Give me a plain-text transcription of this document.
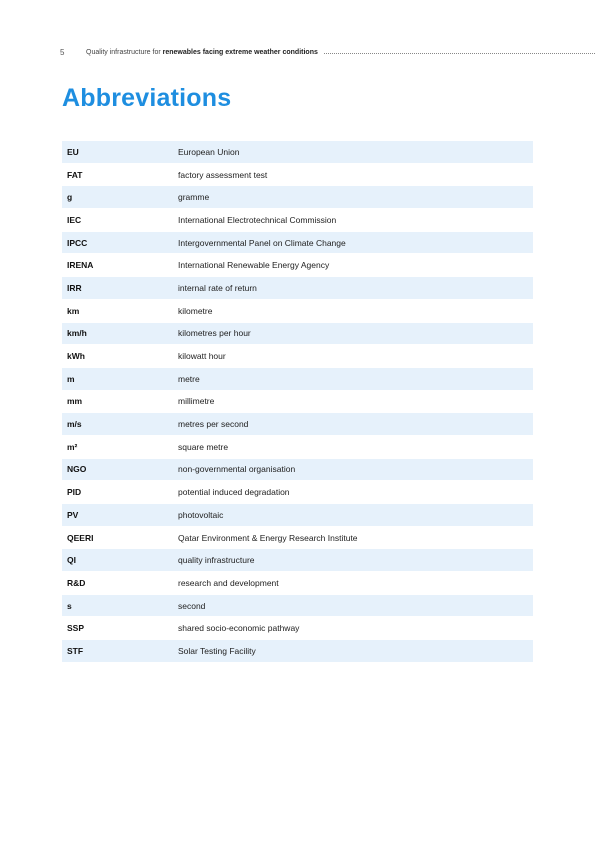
5	Quality infrastructure for renewables facing extreme weather conditions
Abbreviations
EU	European Union
FAT	factory assessment test
g	gramme
IEC	International Electrotechnical Commission
IPCC	Intergovernmental Panel on Climate Change
IRENA	International Renewable Energy Agency
IRR	internal rate of return
km	kilometre
km/h	kilometres per hour
kWh	kilowatt hour
m	metre
mm	millimetre
m/s	metres per second
m²	square metre
NGO	non-governmental organisation
PID	potential induced degradation
PV	photovoltaic
QEERI	Qatar Environment & Energy Research Institute
QI	quality infrastructure
R&D	research and development
s	second
SSP	shared socio-economic pathway
STF	Solar Testing Facility
